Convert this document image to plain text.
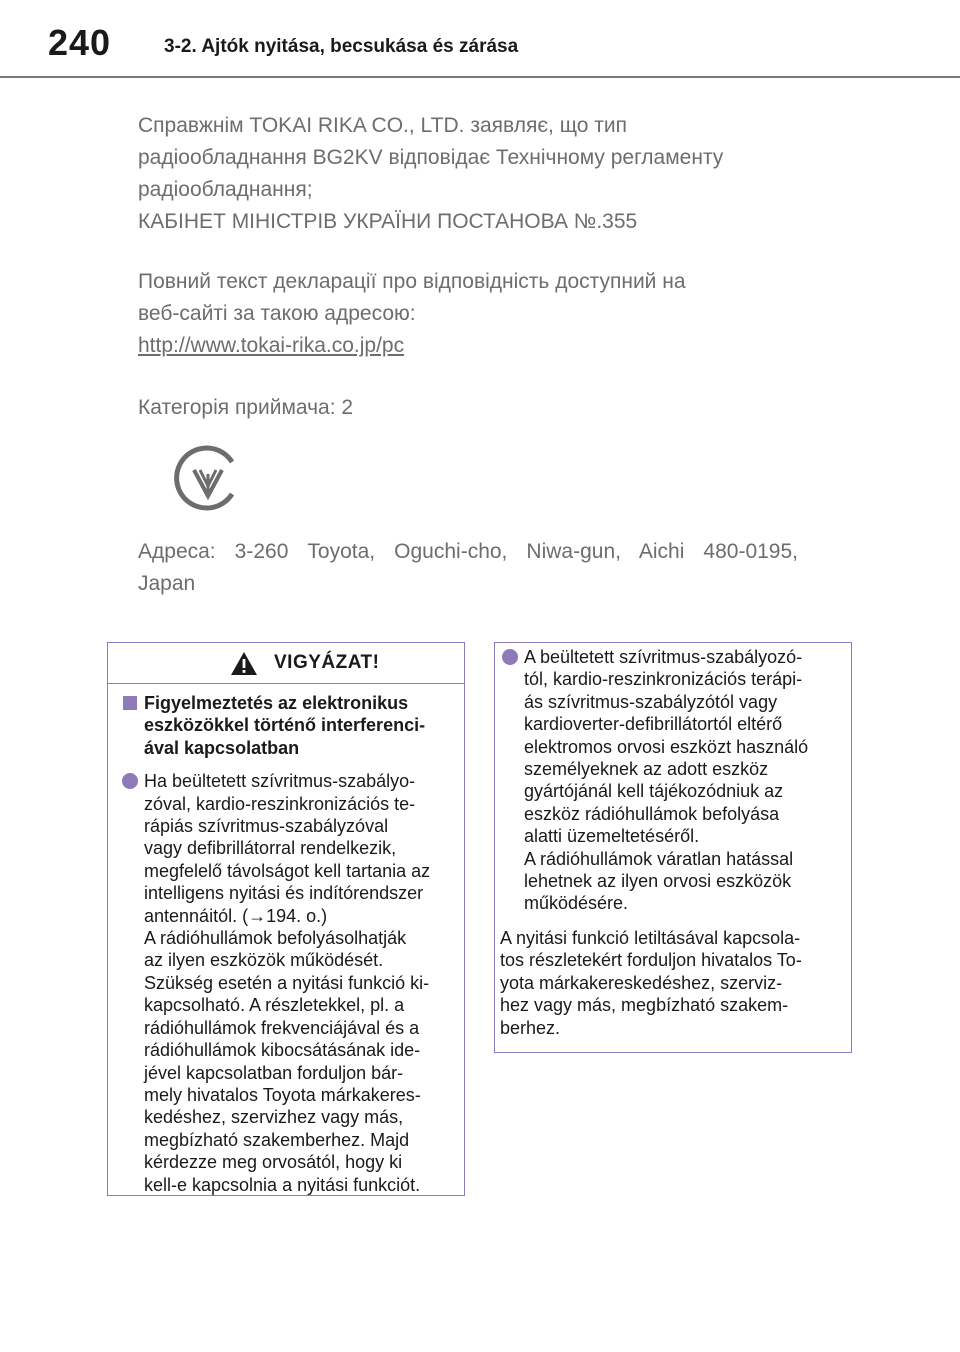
240	3-2. Ajtók nyitása, becsukása és zárása

Справжнім TOKAI RIKA CO., LTD. заявляє, що тип

радіообладнання BG2KV відповідає Технічному регламенту

радіообладнання;

КАБІНЕТ МІНІСТРІВ УКРАЇНИ ПОСТАНОВА №.355

Повний текст декларації про відповідність доступний на

веб-сайті за такою адресою:

http://www.tokai-rika.co.jp/pc

Категорія приймача: 2

Адреса: 3-260 Toyota, Oguchi-cho, Niwa-gun, Aichi 480-0195,
Japan
VIGYÁZAT!
Figyelmeztetés az elektronikus
eszközökkel történő interferenci-
ával kapcsolatban
Ha beültetett szívritmus-szabályo-
zóval, kardio-reszinkronizációs te-
rápiás szívritmus-szabályzóval
vagy defibrillátorral rendelkezik,
megfelelő távolságot kell tartania az
intelligens nyitási és indítórendszer
antennáitól. (→194. o.)
A rádióhullámok befolyásolhatják
az ilyen eszközök működését.
Szükség esetén a nyitási funkció ki-
kapcsolható. A részletekkel, pl. a
rádióhullámok frekvenciájával és a
rádióhullámok kibocsátásának ide-
jével kapcsolatban forduljon bár-
mely hivatalos Toyota márkakeres-
kedéshez, szervizhez vagy más,
megbízható szakemberhez. Majd
kérdezze meg orvosától, hogy ki
kell-e kapcsolnia a nyitási funkciót.
A beültetett szívritmus-szabályozó-
tól, kardio-reszinkronizációs terápi-
ás szívritmus-szabályzótól vagy
kardioverter-defibrillátortól eltérő
elektromos orvosi eszközt használó
személyeknek az adott eszköz
gyártójánál kell tájékozódniuk az
eszköz rádióhullámok befolyása
alatti üzemeltetéséről.
A rádióhullámok váratlan hatással
lehetnek az ilyen orvosi eszközök
működésére.
A nyitási funkció letiltásával kapcsola-
tos részletekért forduljon hivatalos To-
yota márkakereskedéshez, szerviz-
hez vagy más, megbízható szakem-
berhez.
